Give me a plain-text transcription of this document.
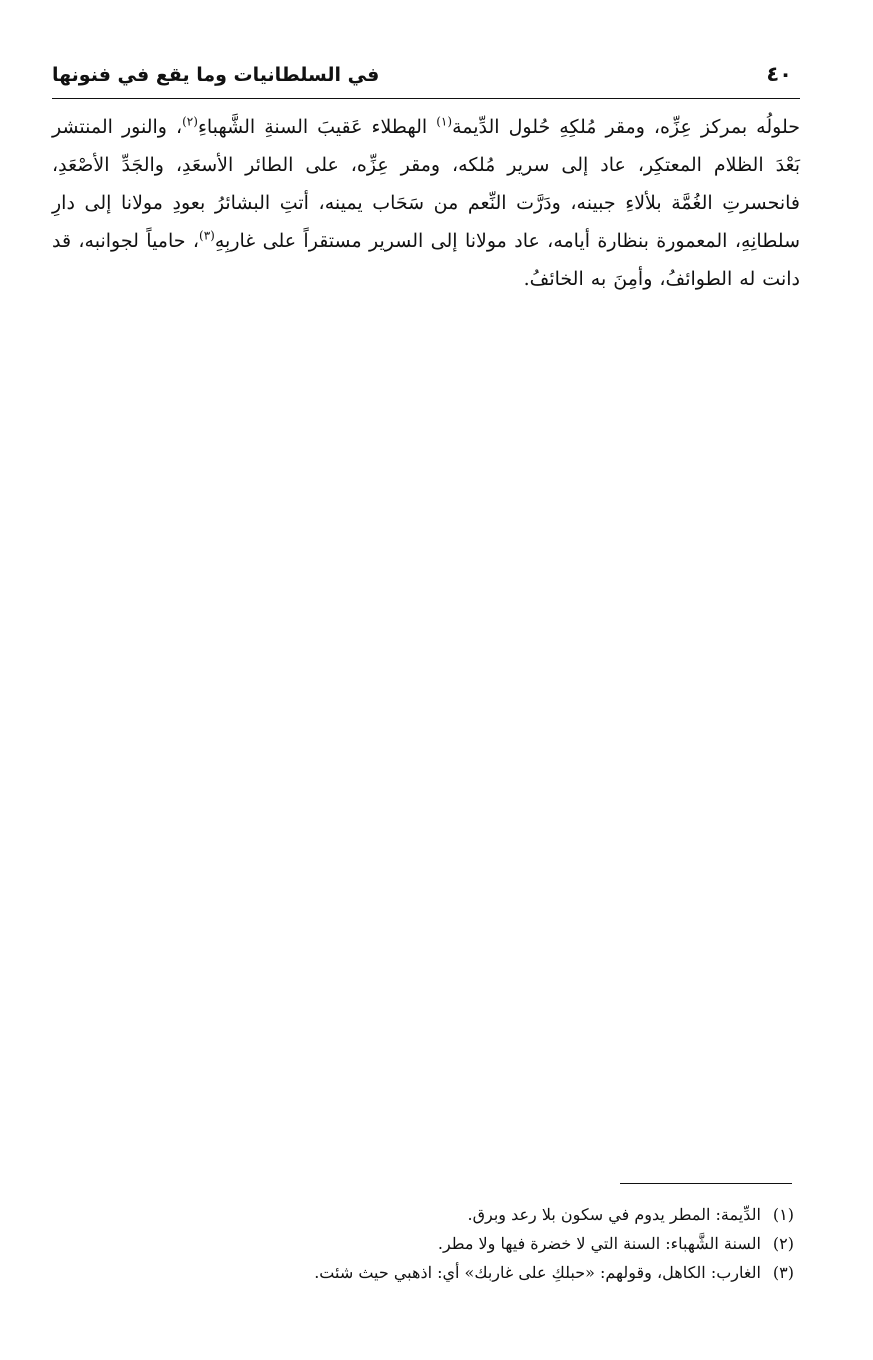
٤٠
في السلطانيات وما يقع في فنونها
حلولُه بمركز عِزِّه، ومقر مُلكِهِ حُلول الدِّيمة$^{(١)}$ الهطلاء عَقيبَ السنةِ الشَّهباءِ$^{(٢)}$، والنور المنتشر بَعْدَ الظلام المعتكِر، عاد إلى سرير مُلكه، ومقر عِزِّه، على الطائر الأسعَدِ، والجَدِّ الأصْعَدِ، فانحسرتِ الغُمَّة بلألاءِ جبينه، ودَرَّت النِّعم من سَحَاب يمينه، أتتِ البشائرُ بعودِ مولانا إلى دارِ سلطانِهِ، المعمورة بنظارة أيامه، عاد مولانا إلى السرير مستقراً على غاربِهِ$^{(٣)}$، حامياً لجوانبه، قد دانت له الطوائفُ، وأمِنَ به الخائفُ.
(١)الدِّيمة: المطر يدوم في سكون بلا رعد وبرق.
(٢)السنة الشَّهباء: السنة التي لا خضرة فيها ولا مطر.
(٣)الغارب: الكاهل، وقولهم: «حبلكِ على غاربك» أي: اذهبي حيث شئت.
